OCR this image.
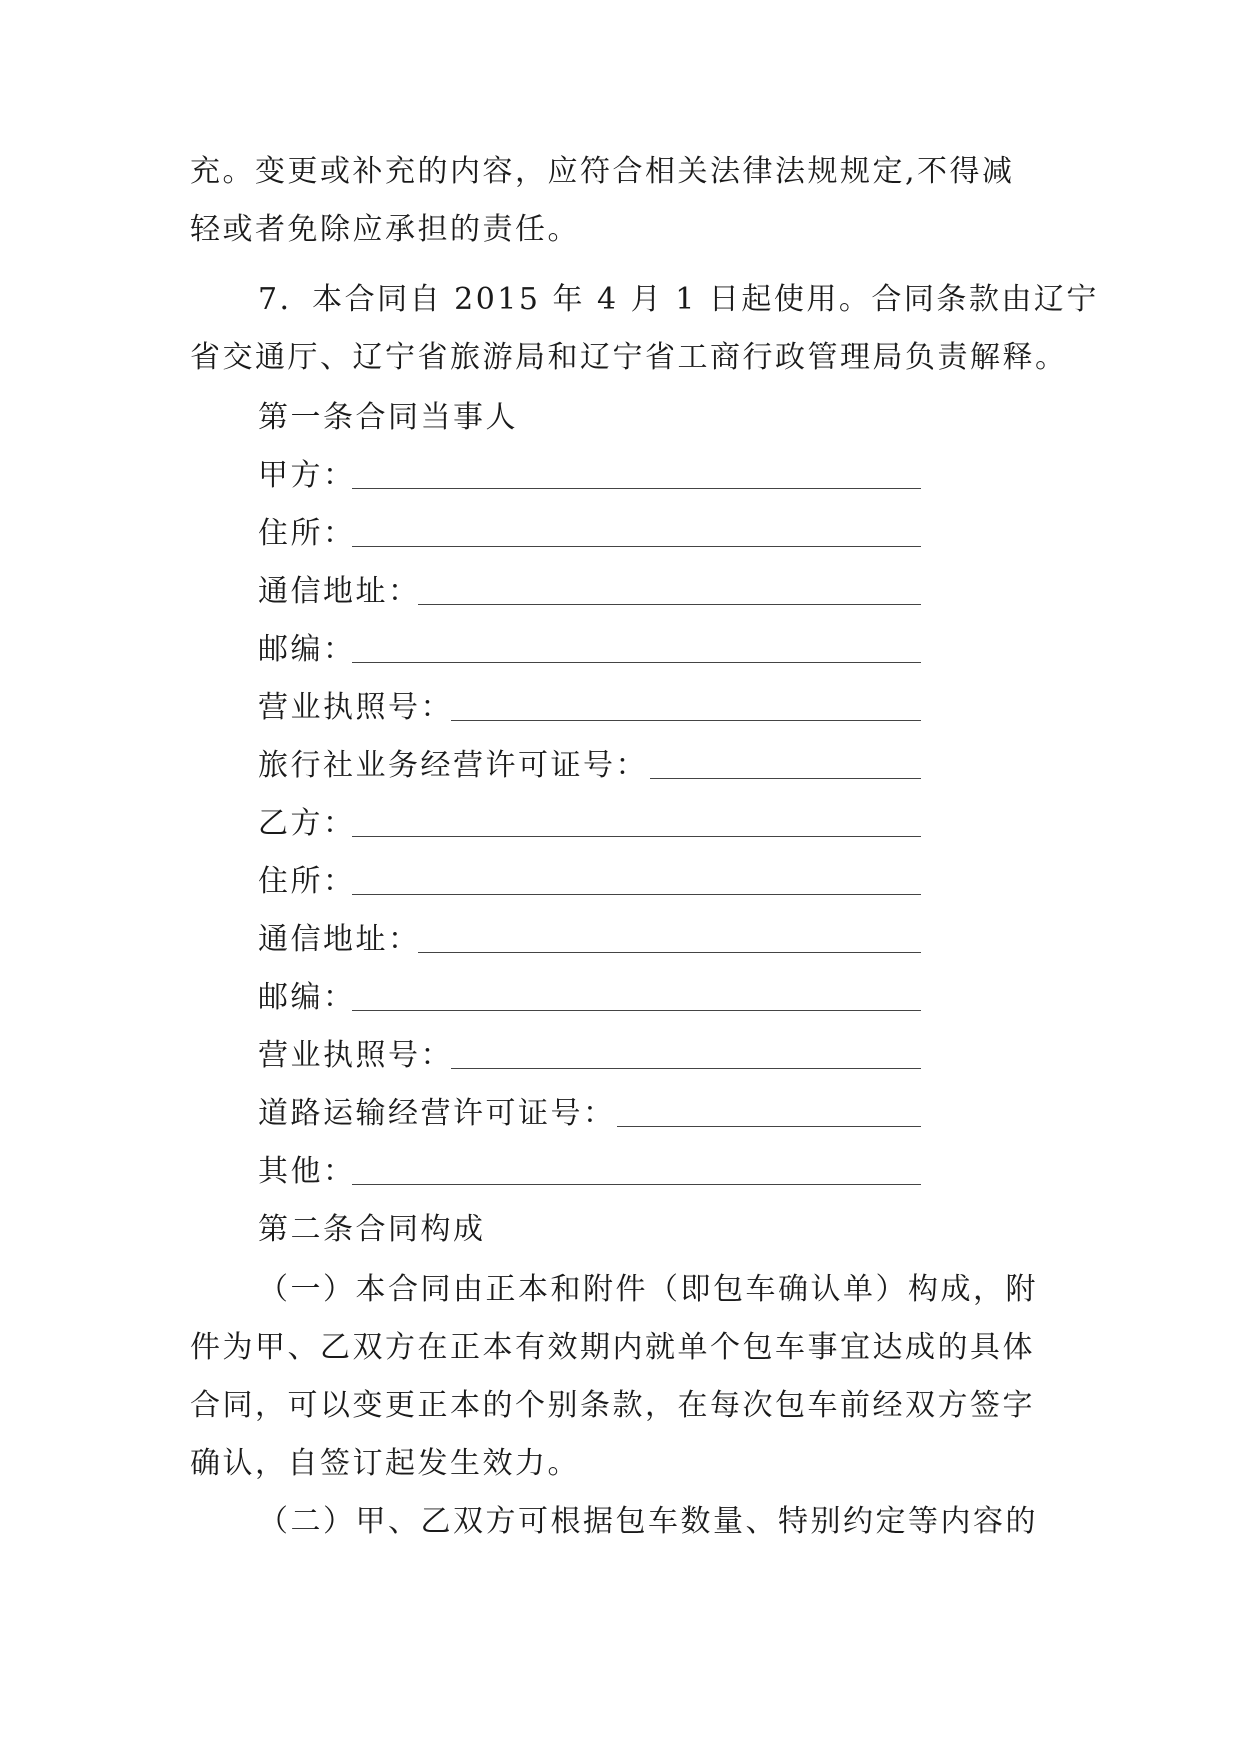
充。变更或补充的内容，应符合相关法律法规规定,不得减
轻或者免除应承担的责任。
7．本合同自 2015 年 4 月 1 日起使用。合同条款由辽宁
省交通厅、辽宁省旅游局和辽宁省工商行政管理局负责解释。
第一条合同当事人
甲方：
住所：
通信地址：
邮编：
营业执照号：
旅行社业务经营许可证号：
乙方：
住所：
通信地址：
邮编：
营业执照号：
道路运输经营许可证号：
其他：
第二条合同构成
（一）本合同由正本和附件（即包车确认单）构成，附
件为甲、乙双方在正本有效期内就单个包车事宜达成的具体
合同，可以变更正本的个别条款，在每次包车前经双方签字
确认，自签订起发生效力。
（二）甲、乙双方可根据包车数量、特别约定等内容的
